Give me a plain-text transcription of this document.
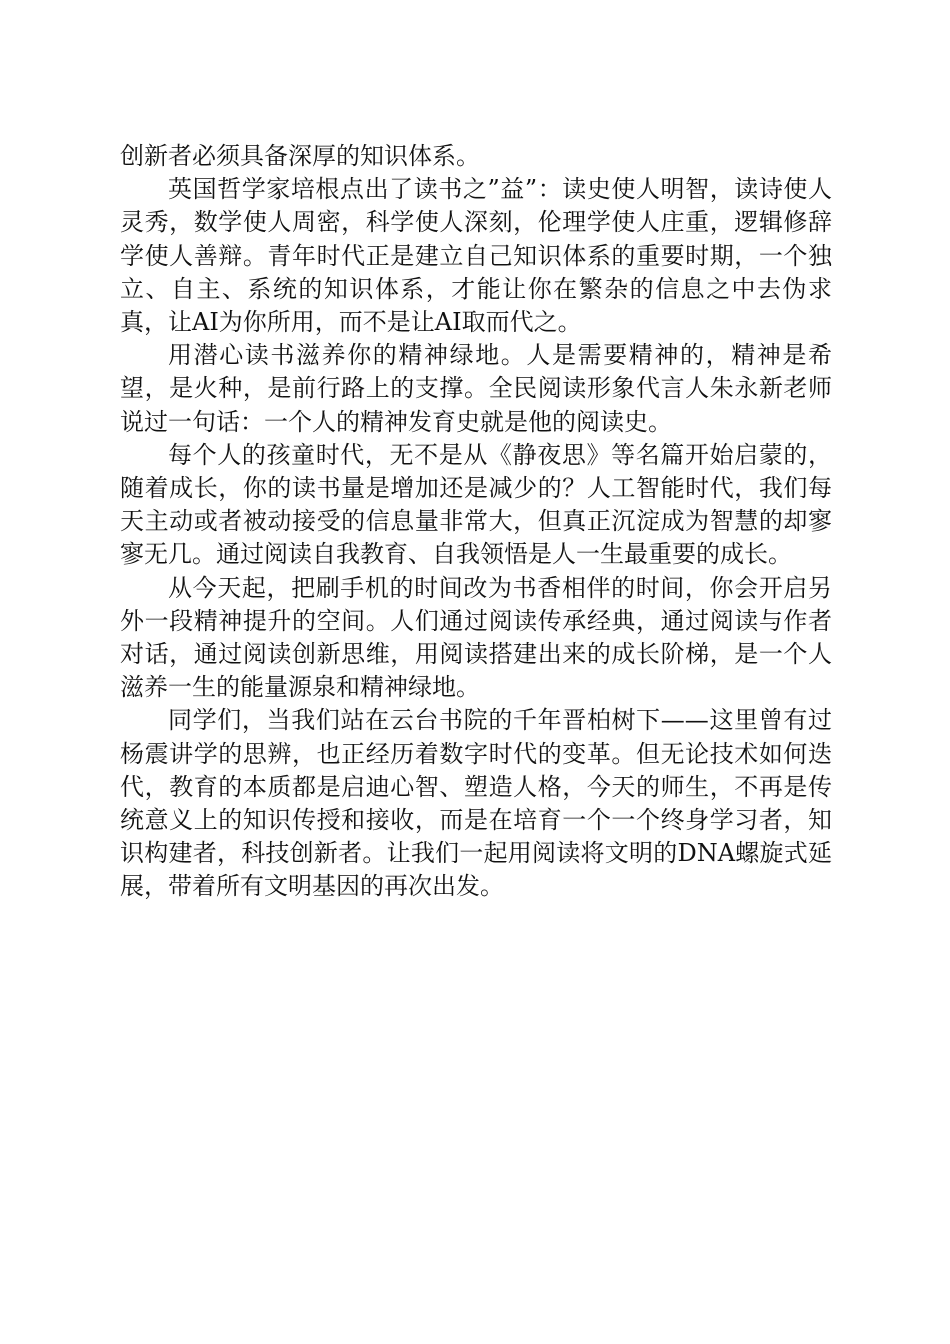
创新者必须具备深厚的知识体系。

英国哲学家培根点出了读书之”益”：读史使人明智，读诗使人灵秀，数学使人周密，科学使人深刻，伦理学使人庄重，逻辑修辞学使人善辩。青年时代正是建立自己知识体系的重要时期，一个独立、自主、系统的知识体系，才能让你在繁杂的信息之中去伪求真，让AI为你所用，而不是让AI取而代之。

用潜心读书滋养你的精神绿地。人是需要精神的，精神是希望，是火种，是前行路上的支撑。全民阅读形象代言人朱永新老师说过一句话：一个人的精神发育史就是他的阅读史。

每个人的孩童时代，无不是从《静夜思》等名篇开始启蒙的，随着成长，你的读书量是增加还是减少的？人工智能时代，我们每天主动或者被动接受的信息量非常大，但真正沉淀成为智慧的却寥寥无几。通过阅读自我教育、自我领悟是人一生最重要的成长。

从今天起，把刷手机的时间改为书香相伴的时间，你会开启另外一段精神提升的空间。人们通过阅读传承经典，通过阅读与作者对话，通过阅读创新思维，用阅读搭建出来的成长阶梯，是一个人滋养一生的能量源泉和精神绿地。

同学们，当我们站在云台书院的千年晋柏树下——这里曾有过杨震讲学的思辨，也正经历着数字时代的变革。但无论技术如何迭代，教育的本质都是启迪心智、塑造人格，今天的师生，不再是传统意义上的知识传授和接收，而是在培育一个一个终身学习者，知识构建者，科技创新者。让我们一起用阅读将文明的DNA螺旋式延展，带着所有文明基因的再次出发。
